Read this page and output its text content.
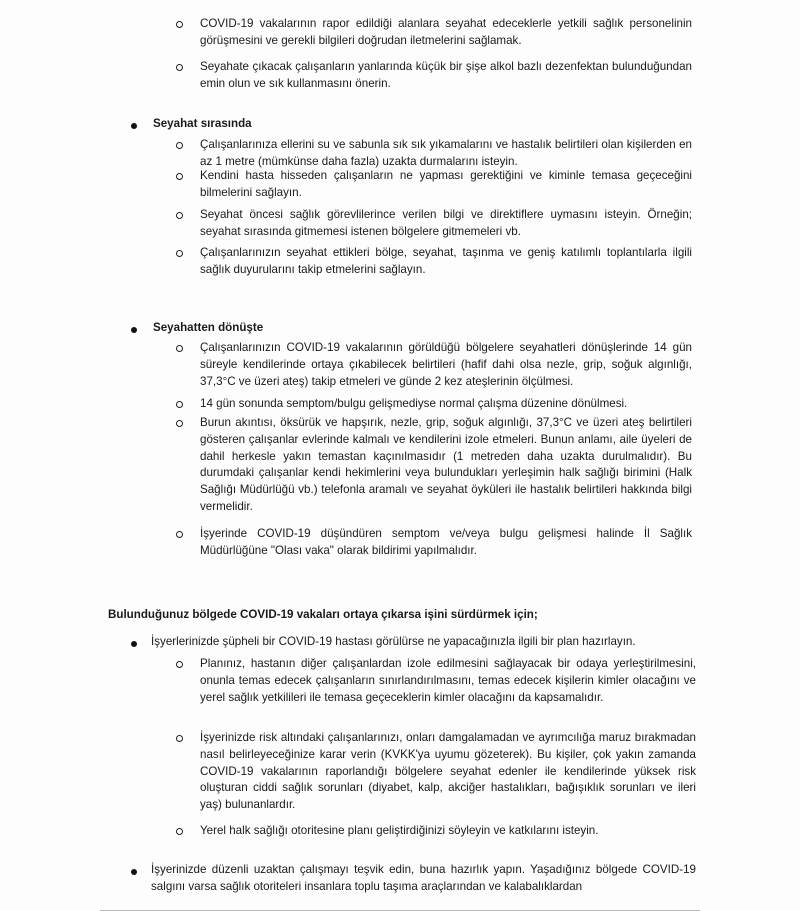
COVID-19 vakalarının rapor edildiği alanlara seyahat edeceklerle yetkili sağlık personelinin görüşmesini ve gerekli bilgileri doğrudan iletmelerini sağlamak.
Seyahate çıkacak çalışanların yanlarında küçük bir şişe alkol bazlı dezenfektan bulunduğundan emin olun ve sık kullanmasını önerin.
Seyahat sırasında
Çalışanlarınıza ellerini su ve sabunla sık sık yıkamalarını ve hastalık belirtileri olan kişilerden en az 1 metre (mümkünse daha fazla) uzakta durmalarını isteyin.
Kendini hasta hisseden çalışanların ne yapması gerektiğini ve kiminle temasa geçeceğini bilmelerini sağlayın.
Seyahat öncesi sağlık görevlilerince verilen bilgi ve direktiflere uymasını isteyin. Örneğin; seyahat sırasında gitmemesi istenen bölgelere gitmemeleri vb.
Çalışanlarınızın seyahat ettikleri bölge, seyahat, taşınma ve geniş katılımlı toplantılarla ilgili sağlık duyurularını takip etmelerini sağlayın.
Seyahatten dönüşte
Çalışanlarınızın COVID-19 vakalarının görüldüğü bölgelere seyahatleri dönüşlerinde 14 gün süreyle kendilerinde ortaya çıkabilecek belirtileri (hafif dahi olsa nezle, grip, soğuk algınlığı, 37,3°C ve üzeri ateş) takip etmeleri ve günde 2 kez ateşlerinin ölçülmesi.
14 gün sonunda semptom/bulgu gelişmediyse normal çalışma düzenine dönülmesi.
Burun akıntısı, öksürük ve hapşırık, nezle, grip, soğuk algınlığı, 37,3°C ve üzeri ateş belirtileri gösteren çalışanlar evlerinde kalmalı ve kendilerini izole etmeleri. Bunun anlamı, aile üyeleri de dahil herkesle yakın temastan kaçınılmasıdır (1 metreden daha uzakta durulmalıdır). Bu durumdaki çalışanlar kendi hekimlerini veya bulundukları yerleşimin halk sağlığı birimini (Halk Sağlığı Müdürlüğü vb.) telefonla aramalı ve seyahat öyküleri ile hastalık belirtileri hakkında bilgi vermelidir.
İşyerinde COVID-19 düşündüren semptom ve/veya bulgu gelişmesi halinde İl Sağlık Müdürlüğüne "Olası vaka" olarak bildirimi yapılmalıdır.
Bulunduğunuz bölgede COVID-19 vakaları ortaya çıkarsa işini sürdürmek için;
İşyerlerinizde şüpheli bir COVID-19 hastası görülürse ne yapacağınızla ilgili bir plan hazırlayın.
Planınız, hastanın diğer çalışanlardan izole edilmesini sağlayacak bir odaya yerleştirilmesini, onunla temas edecek çalışanların sınırlandırılmasını, temas edecek kişilerin kimler olacağını ve yerel sağlık yetkilileri ile temasa geçeceklerin kimler olacağını da kapsamalıdır.
İşyerinizde risk altındaki çalışanlarınızı, onları damgalamadan ve ayrımcılığa maruz bırakmadan nasıl belirleyeceğinize karar verin (KVKK'ya uyumu gözeterek). Bu kişiler, çok yakın zamanda COVID-19 vakalarının raporlandığı bölgelere seyahat edenler ile kendilerinde yüksek risk oluşturan ciddi sağlık sorunları (diyabet, kalp, akciğer hastalıkları, bağışıklık sorunları ve ileri yaş) bulunanlardır.
Yerel halk sağlığı otoritesine planı geliştirdiğinizi söyleyin ve katkılarını isteyin.
İşyerinizde düzenli uzaktan çalışmayı teşvik edin, buna hazırlık yapın. Yaşadığınız bölgede COVID-19 salgını varsa sağlık otoriteleri insanlara toplu taşıma araçlarından ve kalabalıklardan
